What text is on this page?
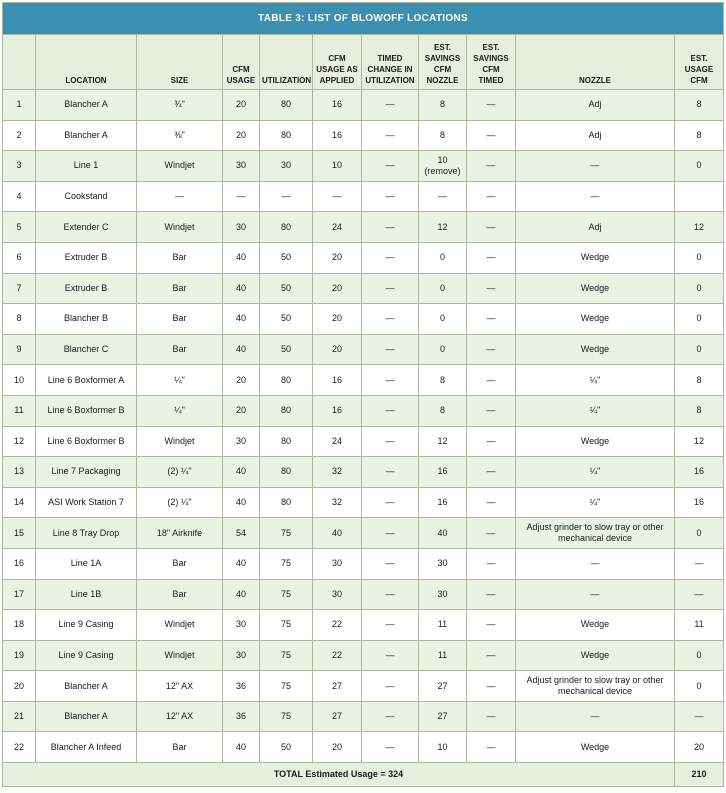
TABLE 3: LIST OF BLOWOFF LOCATIONS
	LOCATION	SIZE	CFM USAGE	UTILIZATION	CFM USAGE AS APPLIED	TIMED CHANGE IN UTILIZATION	EST. SAVINGS CFM NOZZLE	EST. SAVINGS CFM TIMED	NOZZLE	EST. USAGE CFM
1	Blancher A	¾"	20	80	16	—	8	—	Adj	8
2	Blancher A	⅜"	20	80	16	—	8	—	Adj	8
3	Line 1	Windjet	30	30	10	—	10 (remove)	—	—	0
4	Cookstand	—	—	—	—	—	—	—	—	
5	Extender C	Windjet	30	80	24	—	12	—	Adj	12
6	Extruder B	Bar	40	50	20	—	0	—	Wedge	0
7	Extruder B	Bar	40	50	20	—	0	—	Wedge	0
8	Blancher B	Bar	40	50	20	—	0	—	Wedge	0
9	Blancher C	Bar	40	50	20	—	0	—	Wedge	0
10	Line 6 Boxformer A	¼"	20	80	16	—	8	—	¼"	8
11	Line 6 Boxformer B	¼"	20	80	16	—	8	—	¼"	8
12	Line 6 Boxformer B	Windjet	30	80	24	—	12	—	Wedge	12
13	Line 7 Packaging	(2) ¼"	40	80	32	—	16	—	¼"	16
14	ASI Work Station 7	(2) ¼"	40	80	32	—	16	—	¼"	16
15	Line 8 Tray Drop	18" Airknife	54	75	40	—	40	—	Adjust grinder to slow tray or other mechanical device	0
16	Line 1A	Bar	40	75	30	—	30	—	—	—
17	Line 1B	Bar	40	75	30	—	30	—	—	—
18	Line 9 Casing	Windjet	30	75	22	—	11	—	Wedge	11
19	Line 9 Casing	Windjet	30	75	22	—	11	—	Wedge	0
20	Blancher A	12" AX	36	75	27	—	27	—	Adjust grinder to slow tray or other mechanical device	0
21	Blancher A	12" AX	36	75	27	—	27	—	—	—
22	Blancher A Infeed	Bar	40	50	20	—	10	—	Wedge	20
TOTAL Estimated Usage = 324										210
